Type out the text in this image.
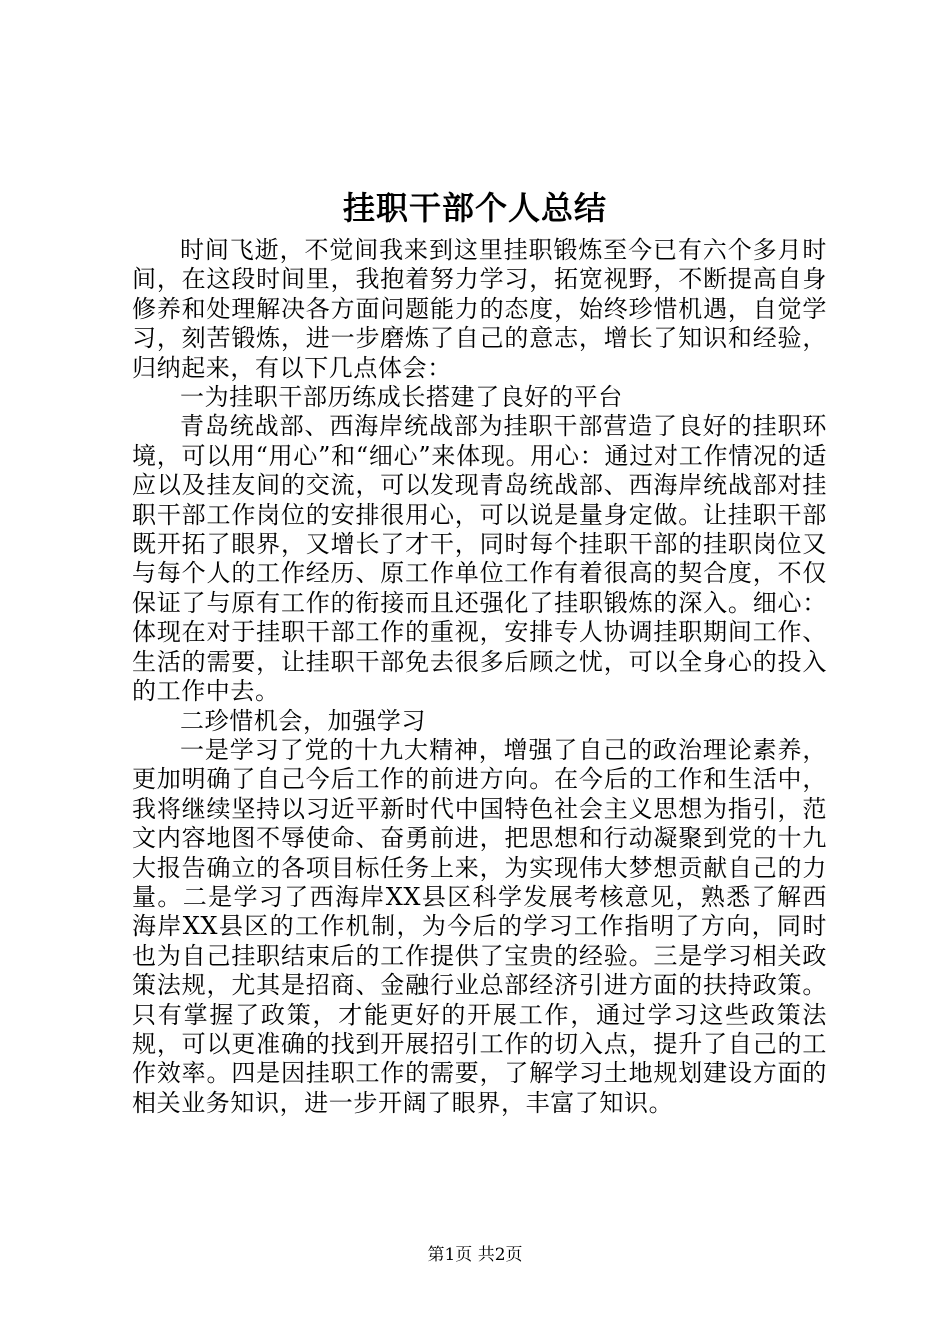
挂职干部个人总结

时间飞逝，不觉间我来到这里挂职锻炼至今已有六个多月时间，在这段时间里，我抱着努力学习，拓宽视野，不断提高自身修养和处理解决各方面问题能力的态度，始终珍惜机遇，自觉学习，刻苦锻炼，进一步磨炼了自己的意志，增长了知识和经验，归纳起来，有以下几点体会：

一为挂职干部历练成长搭建了良好的平台

青岛统战部、西海岸统战部为挂职干部营造了良好的挂职环境，可以用“用心”和“细心”来体现。用心：通过对工作情况的适应以及挂友间的交流，可以发现青岛统战部、西海岸统战部对挂职干部工作岗位的安排很用心，可以说是量身定做。让挂职干部既开拓了眼界，又增长了才干，同时每个挂职干部的挂职岗位又与每个人的工作经历、原工作单位工作有着很高的契合度，不仅保证了与原有工作的衔接而且还强化了挂职锻炼的深入。细心：体现在对于挂职干部工作的重视，安排专人协调挂职期间工作、生活的需要，让挂职干部免去很多后顾之忧，可以全身心的投入的工作中去。

二珍惜机会，加强学习

一是学习了党的十九大精神，增强了自己的政治理论素养，更加明确了自己今后工作的前进方向。在今后的工作和生活中，我将继续坚持以习近平新时代中国特色社会主义思想为指引，范文内容地图不辱使命、奋勇前进，把思想和行动凝聚到党的十九大报告确立的各项目标任务上来，为实现伟大梦想贡献自己的力量。二是学习了西海岸XX县区科学发展考核意见，熟悉了解西海岸XX县区的工作机制，为今后的学习工作指明了方向，同时也为自己挂职结束后的工作提供了宝贵的经验。三是学习相关政策法规，尤其是招商、金融行业总部经济引进方面的扶持政策。只有掌握了政策，才能更好的开展工作，通过学习这些政策法规，可以更准确的找到开展招引工作的切入点，提升了自己的工作效率。四是因挂职工作的需要，了解学习土地规划建设方面的相关业务知识，进一步开阔了眼界，丰富了知识。

第1页 共2页
